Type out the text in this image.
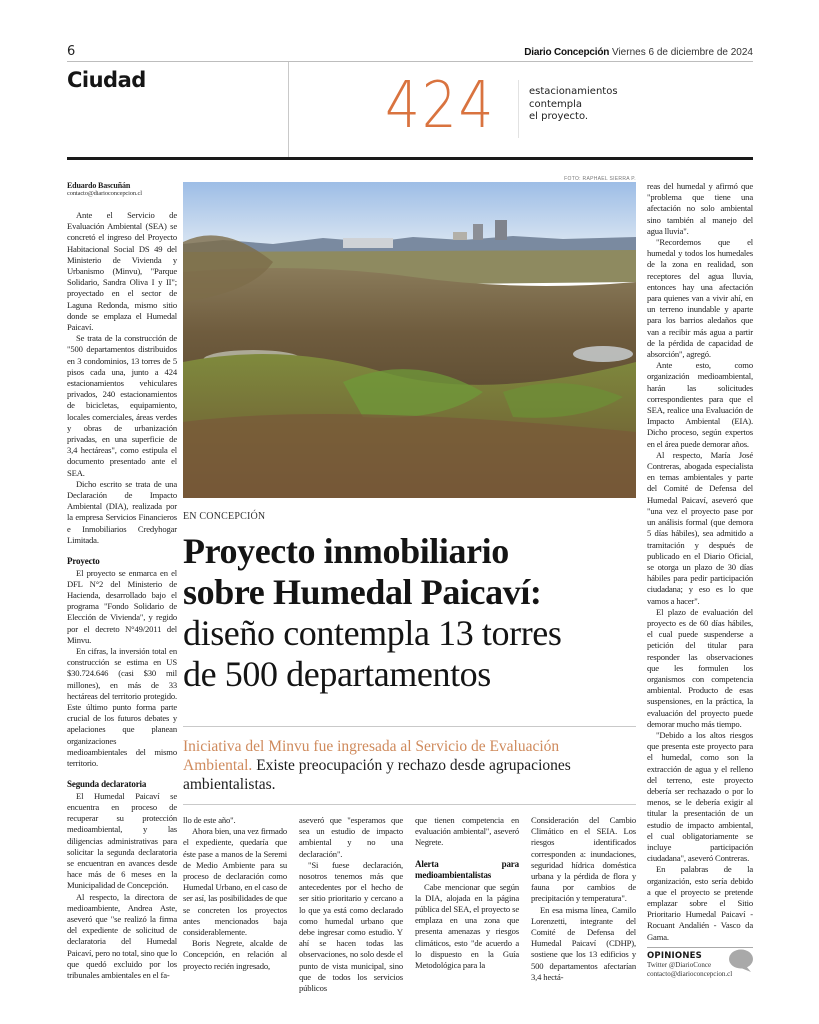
6	Diario Concepción Viernes 6 de diciembre de 2024
Ciudad	424	estacionamientos
contempla
el proyecto.
Eduardo Bascuñán
contacto@diarioconcepcion.cl

Ante el Servicio de Evaluación Ambiental (SEA) se concretó el ingreso del Proyecto Habitacional Social DS 49 del Ministerio de Vivienda y Urbanismo (Minvu), "Parque Solidario, Sandra Oliva I y II"; proyectado en el sector de Laguna Redonda, mismo sitio donde se emplaza el Humedal Paicaví.

Se trata de la construcción de "500 departamentos distribuidos en 3 condominios, 13 torres de 5 pisos cada una, junto a 424 estacionamientos vehiculares privados, 240 estacionamientos de bicicletas, equipamiento, locales comerciales, áreas verdes y obras de urbanización privadas, en una superficie de 3,4 hectáreas", como estipula el documento presentado ante el SEA.

Dicho escrito se trata de una Declaración de Impacto Ambiental (DIA), realizada por la empresa Servicios Financieros e Inmobiliarios Credyhogar Limitada.

Proyecto

El proyecto se enmarca en el DFL N°2 del Ministerio de Hacienda, desarrollado bajo el programa "Fondo Solidario de Elección de Vivienda", y regido por el decreto N°49/2011 del Minvu.

En cifras, la inversión total en construcción se estima en US $30.724.646 (casi $30 mil millones), en más de 33 hectáreas del territorio protegido. Este último punto forma parte crucial de los futuros debates y apelaciones que planean organizaciones medioambientales del mismo territorio.

Segunda declaratoria

El Humedal Paicaví se encuentra en proceso de recuperar su protección medioambiental, y las diligencias administrativas para solicitar la segunda declaratoria se encuentran en avances desde hace más de 6 meses en la Municipalidad de Concepción.

Al respecto, la directora de medioambiente, Andrea Aste, aseveró que "se realizó la firma del expediente de solicitud de declaratoria del Humedal Paicaví, pero no total, sino que lo que quedó excluido por los tribunales ambientales en el fa-

FOTO: RAPHAEL SIERRA P.
EN CONCEPCIÓN
Proyecto inmobiliario
sobre Humedal Paicaví:
diseño contempla 13 torres
de 500 departamentos
Iniciativa del Minvu fue ingresada al Servicio de Evaluación Ambiental. Existe preocupación y rechazo desde agrupaciones ambientalistas.

llo de este año".

Ahora bien, una vez firmado el expediente, quedaría que éste pase a manos de la Seremi de Medio Ambiente para su proceso de declaración como Humedal Urbano, en el caso de ser así, las posibilidades de que se concreten los proyectos antes mencionados baja considerablemente.

Boris Negrete, alcalde de Concepción, en relación al proyecto recién ingresado,

aseveró que "esperamos que sea un estudio de impacto ambiental y no una declaración".

"Si fuese declaración, nosotros tenemos más que antecedentes por el hecho de ser sitio prioritario y cercano a lo que ya está como declarado como humedal urbano que debe ingresar como estudio. Y ahí se hacen todas las observaciones, no solo desde el punto de vista municipal, sino que de todos los servicios públicos

que tienen competencia en evaluación ambiental", aseveró Negrete.

Alerta para medioambientalistas

Cabe mencionar que según la DIA, alojada en la página pública del SEA, el proyecto se emplaza en una zona que presenta amenazas y riesgos climáticos, esto "de acuerdo a lo dispuesto en la Guía Metodológica para la

Consideración del Cambio Climático en el SEIA. Los riesgos identificados corresponden a: inundaciones, seguridad hídrica doméstica urbana y la pérdida de flora y fauna por cambios de precipitación y temperatura".

En esa misma línea, Camilo Lorenzetti, integrante del Comité de Defensa del Humedal Paicaví (CDHP), sostiene que los 13 edificios y 500 departamentos afectarían 3,4 hectá-

reas del humedal y afirmó que "problema que tiene una afectación no solo ambiental sino también al manejo del agua lluvia".

"Recordemos que el humedal y todos los humedales de la zona en realidad, son receptores del agua lluvia, entonces hay una afectación para quienes van a vivir ahí, en un terreno inundable y aparte para los barrios aledaños que van a recibir más agua a partir de la pérdida de capacidad de absorción", agregó.

Ante esto, como organización medioambiental, harán las solicitudes correspondientes para que el SEA, realice una Evaluación de Impacto Ambiental (EIA). Dicho proceso, según expertos en el área puede demorar años.

Al respecto, María José Contreras, abogada especialista en temas ambientales y parte del Comité de Defensa del Humedal Paicaví, aseveró que "una vez el proyecto pase por un análisis formal (que demora 5 días hábiles), sea admitido a tramitación y después de publicado en el Diario Oficial, se otorga un plazo de 30 días hábiles para pedir participación ciudadana; y eso es lo que vamos a hacer".

El plazo de evaluación del proyecto es de 60 días hábiles, el cual puede suspenderse a petición del titular para responder las observaciones que les formulen los organismos con competencia ambiental. Producto de esas suspensiones, en la práctica, la evaluación del proyecto puede demorar mucho más tiempo.

"Debido a los altos riesgos que presenta este proyecto para el humedal, como son la extracción de agua y el relleno del terreno, este proyecto debería ser rechazado o por lo menos, se le debería exigir al titular la presentación de un estudio de impacto ambiental, el cual obligatoriamente se incluye participación ciudadana", aseveró Contreras.

En palabras de la organización, esto sería debido a que el proyecto se pretende emplazar sobre el Sitio Prioritario Humedal Paicaví - Rocuant Andalién - Vasco da Gama.

OPINIONES
Twitter @DiarioConce
contacto@diarioconcepcion.cl
